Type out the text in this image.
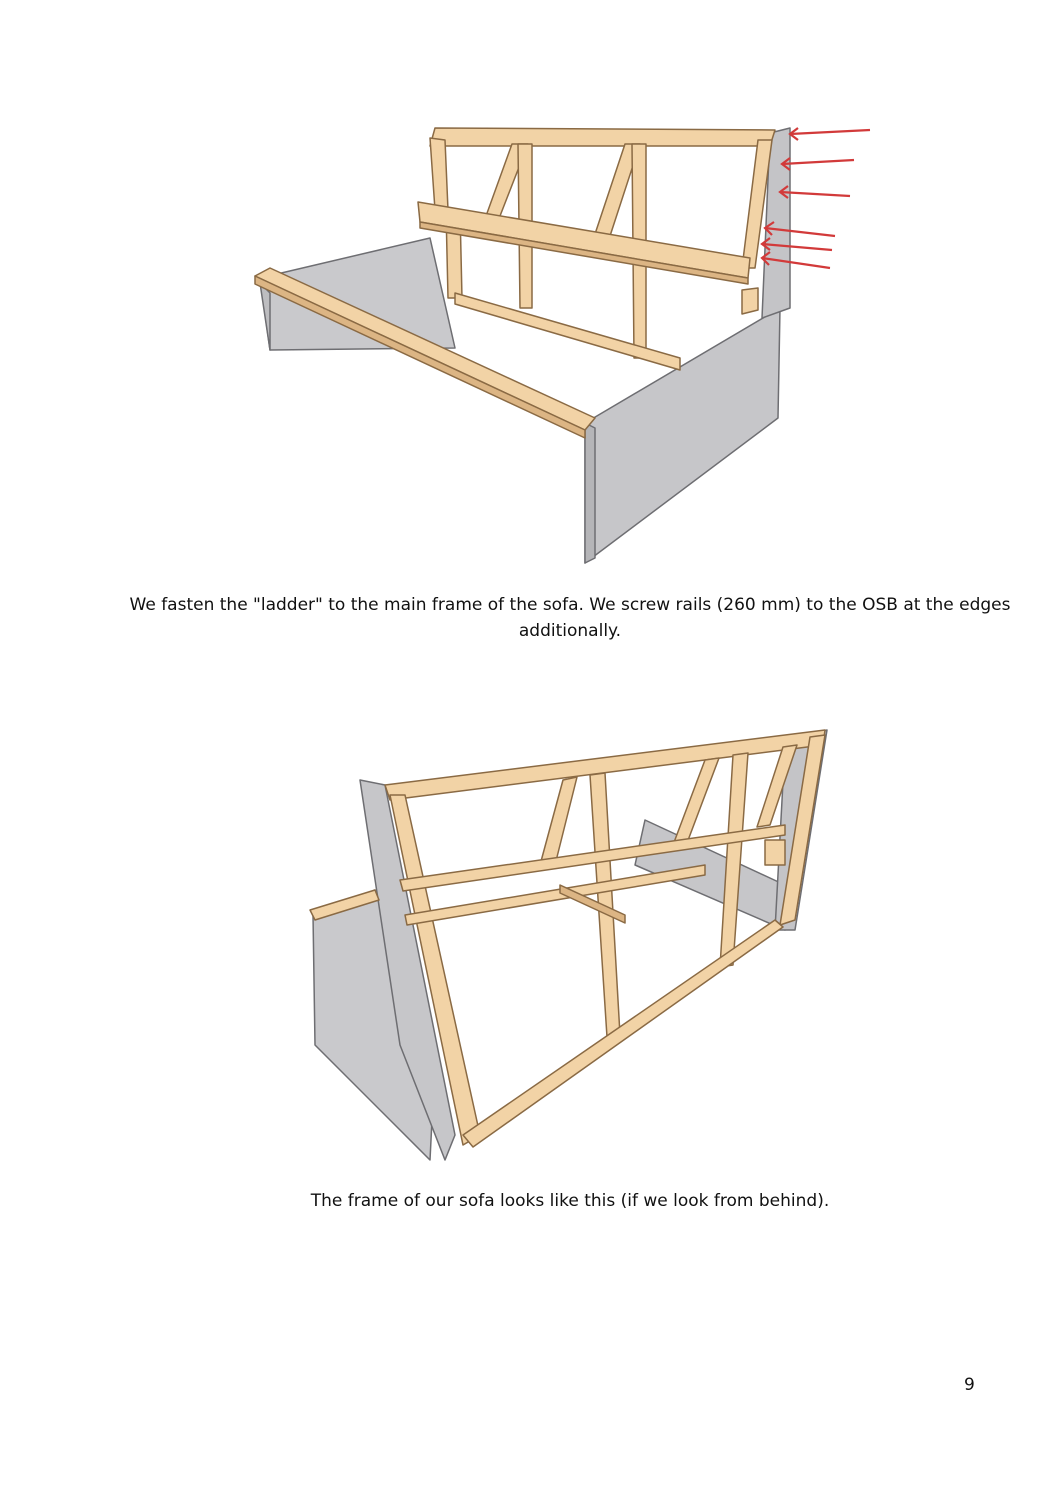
We fasten the "ladder" to the main frame of the sofa. We screw rails (260 mm) to the OSB at the edges additionally.

The frame of our sofa looks like this (if we look from behind).

9
